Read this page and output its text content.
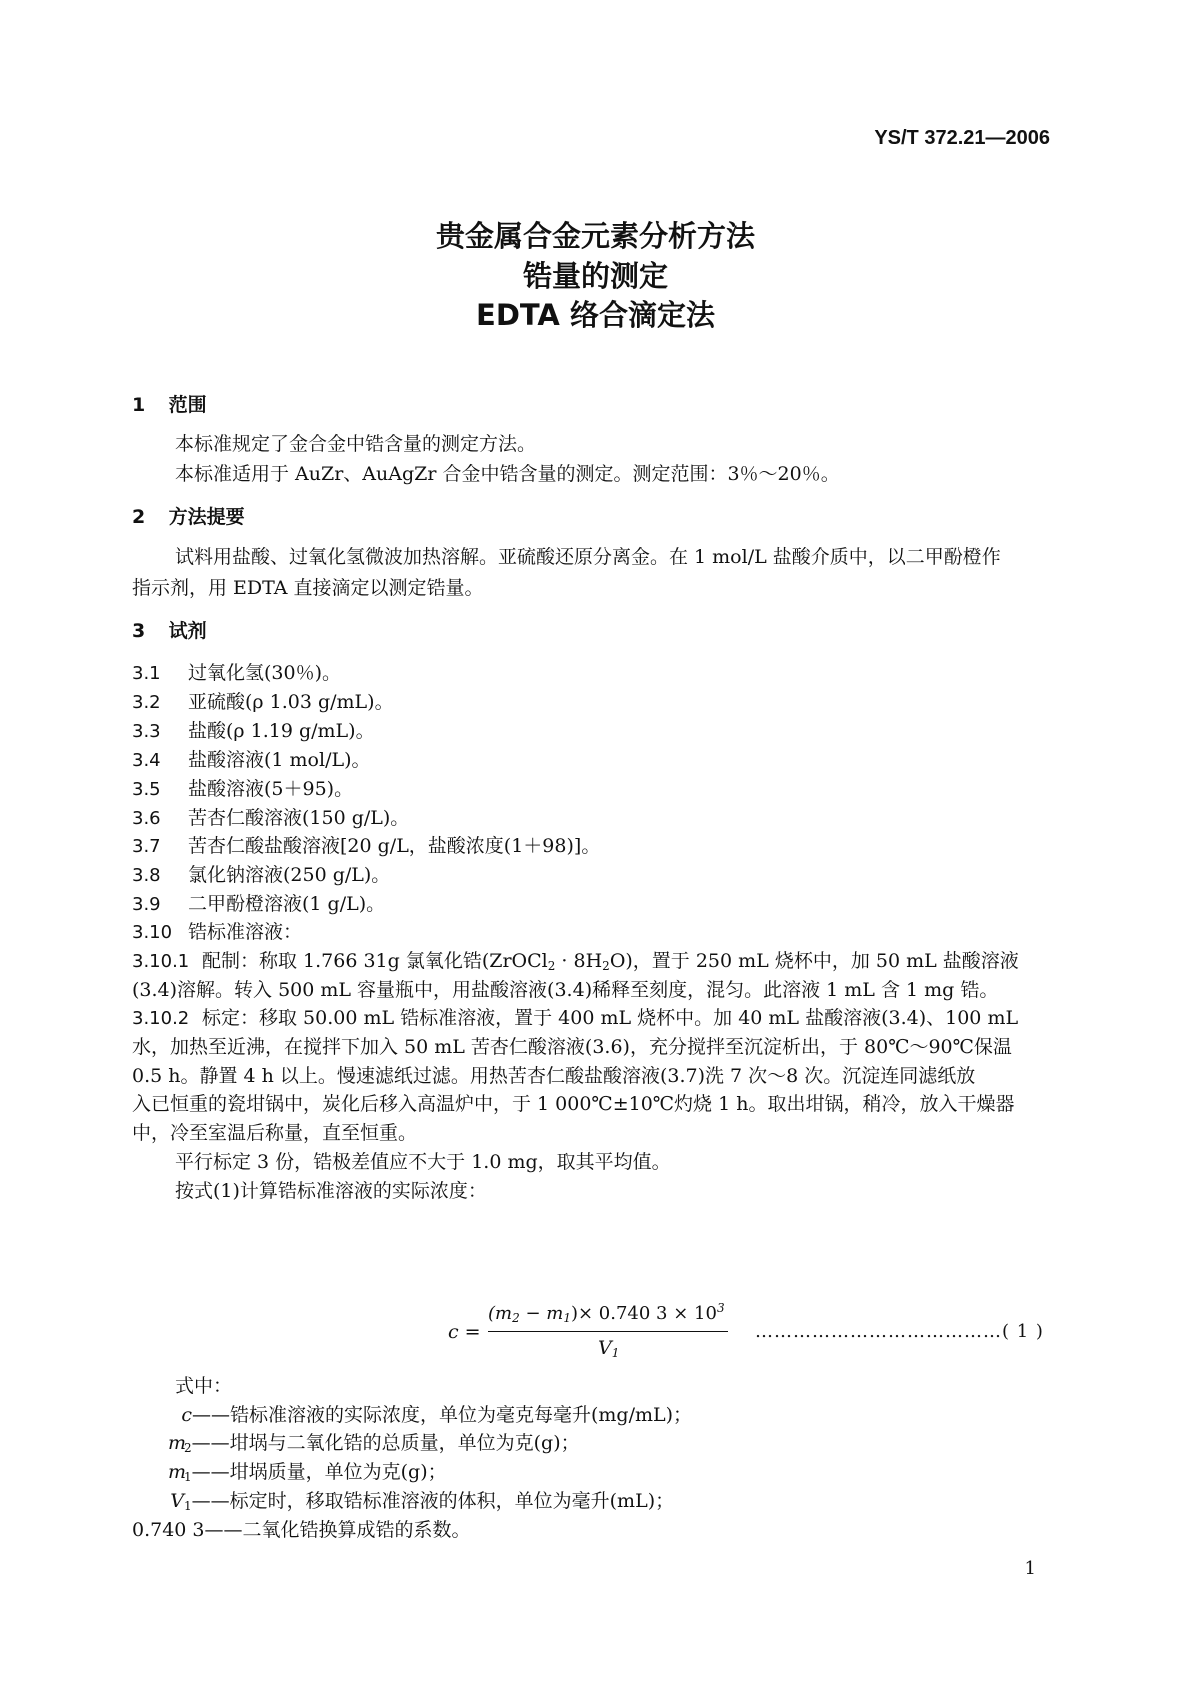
YS/T 372.21—2006
贵金属合金元素分析方法
锆量的测定
EDTA 络合滴定法
1 范围
本标准规定了金合金中锆含量的测定方法。
本标准适用于 AuZr、AuAgZr 合金中锆含量的测定。测定范围：3％～20％。
2 方法提要
试料用盐酸、过氧化氢微波加热溶解。亚硫酸还原分离金。在 1 mol/L 盐酸介质中，以二甲酚橙作
指示剂，用 EDTA 直接滴定以测定锆量。
3 试剂
3.1 过氧化氢(30％)。
3.2 亚硫酸(ρ 1.03 g/mL)。
3.3 盐酸(ρ 1.19 g/mL)。
3.4 盐酸溶液(1 mol/L)。
3.5 盐酸溶液(5＋95)。
3.6 苦杏仁酸溶液(150 g/L)。
3.7 苦杏仁酸盐酸溶液[20 g/L，盐酸浓度(1＋98)]。
3.8 氯化钠溶液(250 g/L)。
3.9 二甲酚橙溶液(1 g/L)。
3.10 锆标准溶液：
3.10.1 配制：称取 1.766 31g 氯氧化锆(ZrOCl$_2$ · $8H_2O$)，置于 250 mL 烧杯中，加 50 mL 盐酸溶液
(3.4)溶解。转入 500 mL 容量瓶中，用盐酸溶液(3.4)稀释至刻度，混匀。此溶液 1 mL 含 1 mg 锆。
3.10.2 标定：移取 50.00 mL 锆标准溶液，置于 400 mL 烧杯中。加 40 mL 盐酸溶液(3.4)、100 mL
水，加热至近沸，在搅拌下加入 50 mL 苦杏仁酸溶液(3.6)，充分搅拌至沉淀析出，于 80℃～90℃保温
0.5 h。静置 4 h 以上。慢速滤纸过滤。用热苦杏仁酸盐酸溶液(3.7)洗 7 次～8 次。沉淀连同滤纸放
入已恒重的瓷坩锅中，炭化后移入高温炉中，于 1 000℃±10℃灼烧 1 h。取出坩锅，稍冷，放入干燥器
中，冷至室温后称量，直至恒重。
平行标定 3 份，锆极差值应不大于 1.0 mg，取其平均值。
按式(1)计算锆标准溶液的实际浓度：
c =
$(m_2 - m_1)\times 0.740$ $3 \times 10^3$
$V_1$
…………………………………( 1 )
式中：
c——锆标准溶液的实际浓度，单位为毫克每毫升(mg/mL)；
$m_2——$坩埚与二氧化锆的总质量，单位为克(g)；
$m_1——$坩埚质量，单位为克(g)；
$V_1——$标定时，移取锆标准溶液的体积，单位为毫升(mL)；
0.740 3——二氧化锆换算成锆的系数。
1
